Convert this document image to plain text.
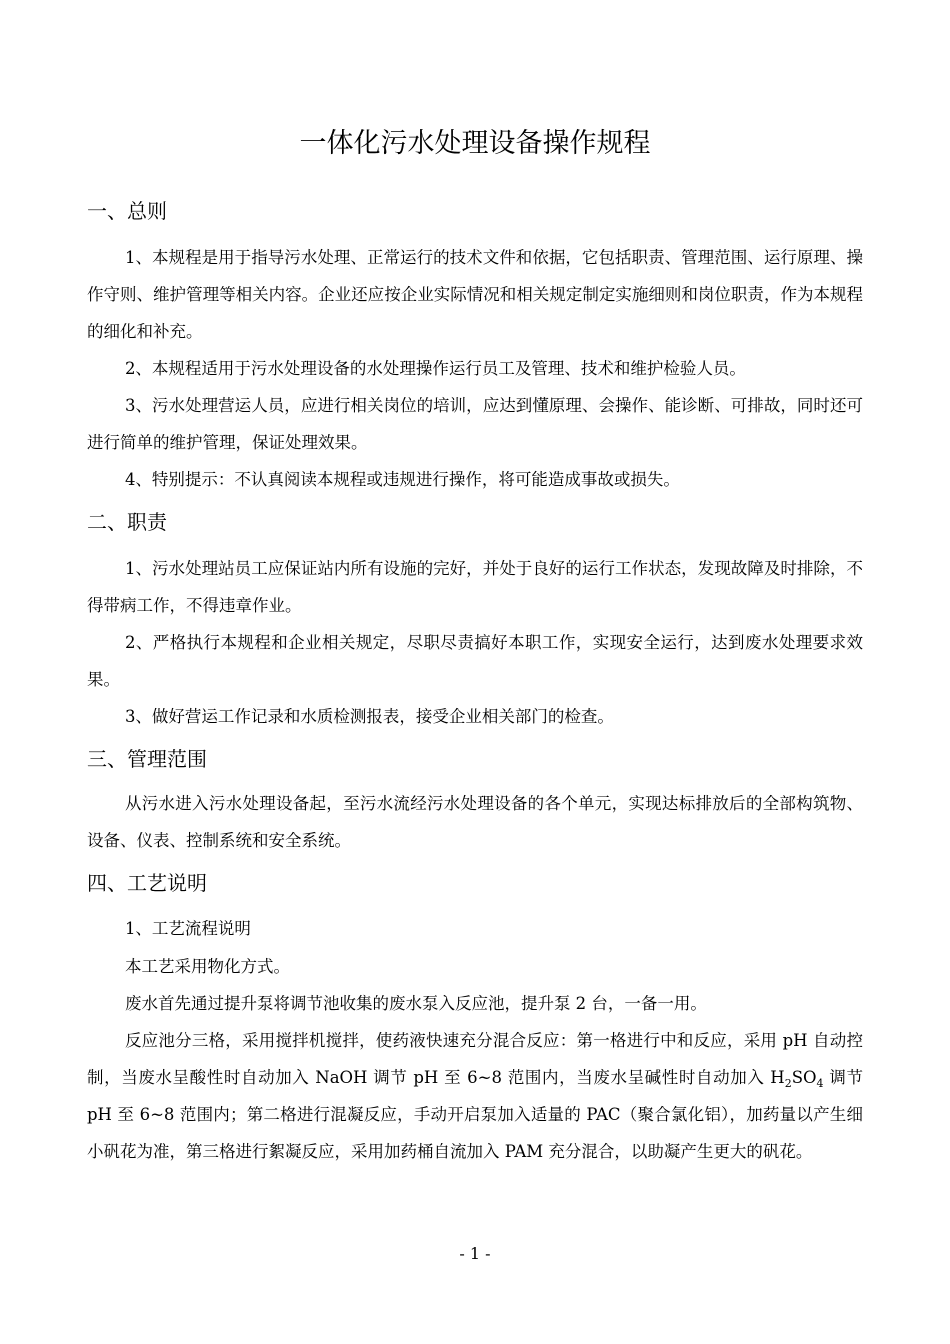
一体化污水处理设备操作规程
一、总则

1、本规程是用于指导污水处理、正常运行的技术文件和依据，它包括职责、管理范围、运行原理、操作守则、维护管理等相关内容。企业还应按企业实际情况和相关规定制定实施细则和岗位职责，作为本规程的细化和补充。

2、本规程适用于污水处理设备的水处理操作运行员工及管理、技术和维护检验人员。

3、污水处理营运人员，应进行相关岗位的培训，应达到懂原理、会操作、能诊断、可排故，同时还可进行简单的维护管理，保证处理效果。

4、特别提示：不认真阅读本规程或违规进行操作，将可能造成事故或损失。

二、职责

1、污水处理站员工应保证站内所有设施的完好，并处于良好的运行工作状态，发现故障及时排除，不得带病工作，不得违章作业。

2、严格执行本规程和企业相关规定，尽职尽责搞好本职工作，实现安全运行，达到废水处理要求效果。

3、做好营运工作记录和水质检测报表，接受企业相关部门的检查。

三、管理范围

从污水进入污水处理设备起，至污水流经污水处理设备的各个单元，实现达标排放后的全部构筑物、设备、仪表、控制系统和安全系统。

四、工艺说明

1、工艺流程说明

本工艺采用物化方式。

废水首先通过提升泵将调节池收集的废水泵入反应池，提升泵 2 台，一备一用。

反应池分三格，采用搅拌机搅拌，使药液快速充分混合反应：第一格进行中和反应，采用 pH 自动控制，当废水呈酸性时自动加入 NaOH 调节 pH 至 6~8 范围内，当废水呈碱性时自动加入 $H_2SO_4$ 调节 pH 至 6~8 范围内；第二格进行混凝反应，手动开启泵加入适量的 PAC（聚合氯化铝），加药量以产生细小矾花为准，第三格进行絮凝反应，采用加药桶自流加入 PAM 充分混合，以助凝产生更大的矾花。

- 1 -
